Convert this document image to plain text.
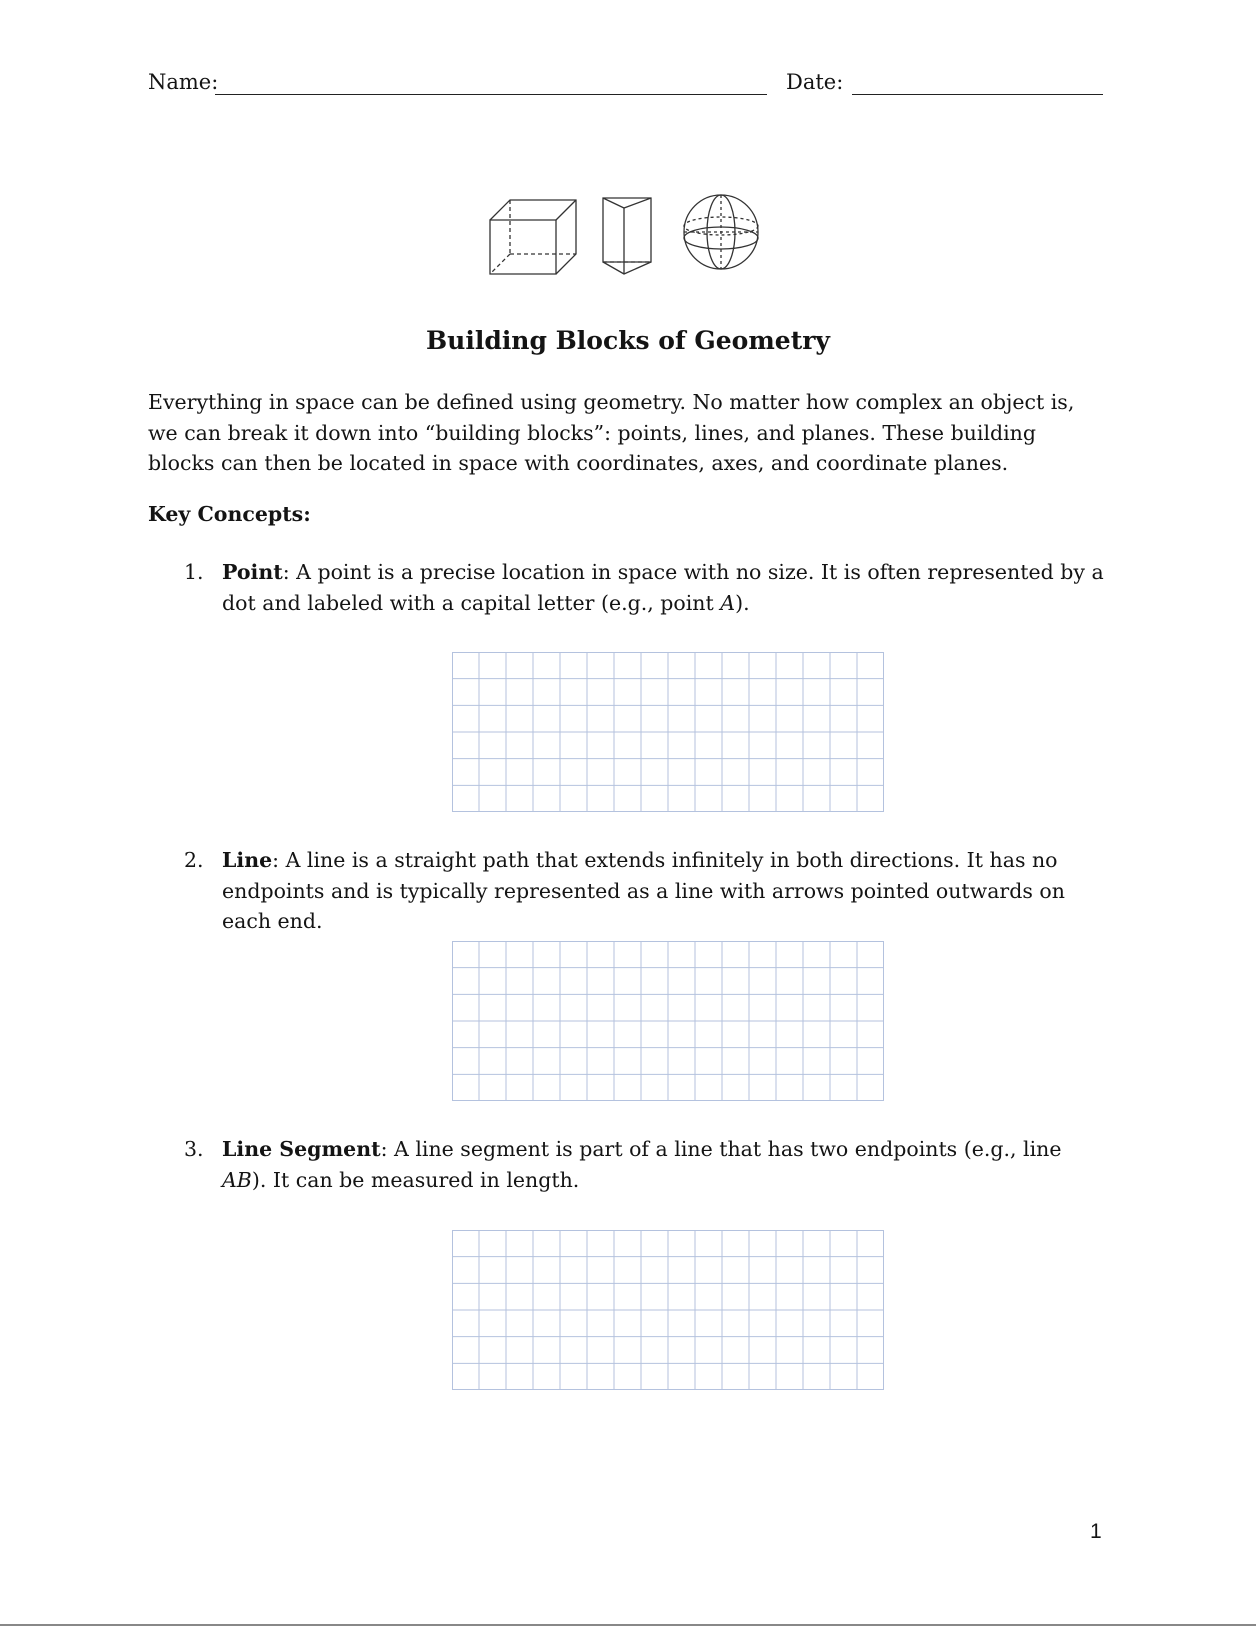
Name:	Date:
Building Blocks of Geometry

Everything in space can be defined using geometry. No matter how complex an object is, we can break it down into “building blocks”: points, lines, and planes. These building blocks can then be located in space with coordinates, axes, and coordinate planes.

Key Concepts:
1. Point: A point is a precise location in space with no size. It is often represented by a dot and labeled with a capital letter (e.g., point A).
2. Line: A line is a straight path that extends infinitely in both directions. It has no endpoints and is typically represented as a line with arrows pointed outwards on each end.
3. Line Segment: A line segment is part of a line that has two endpoints (e.g., line AB). It can be measured in length.
1
